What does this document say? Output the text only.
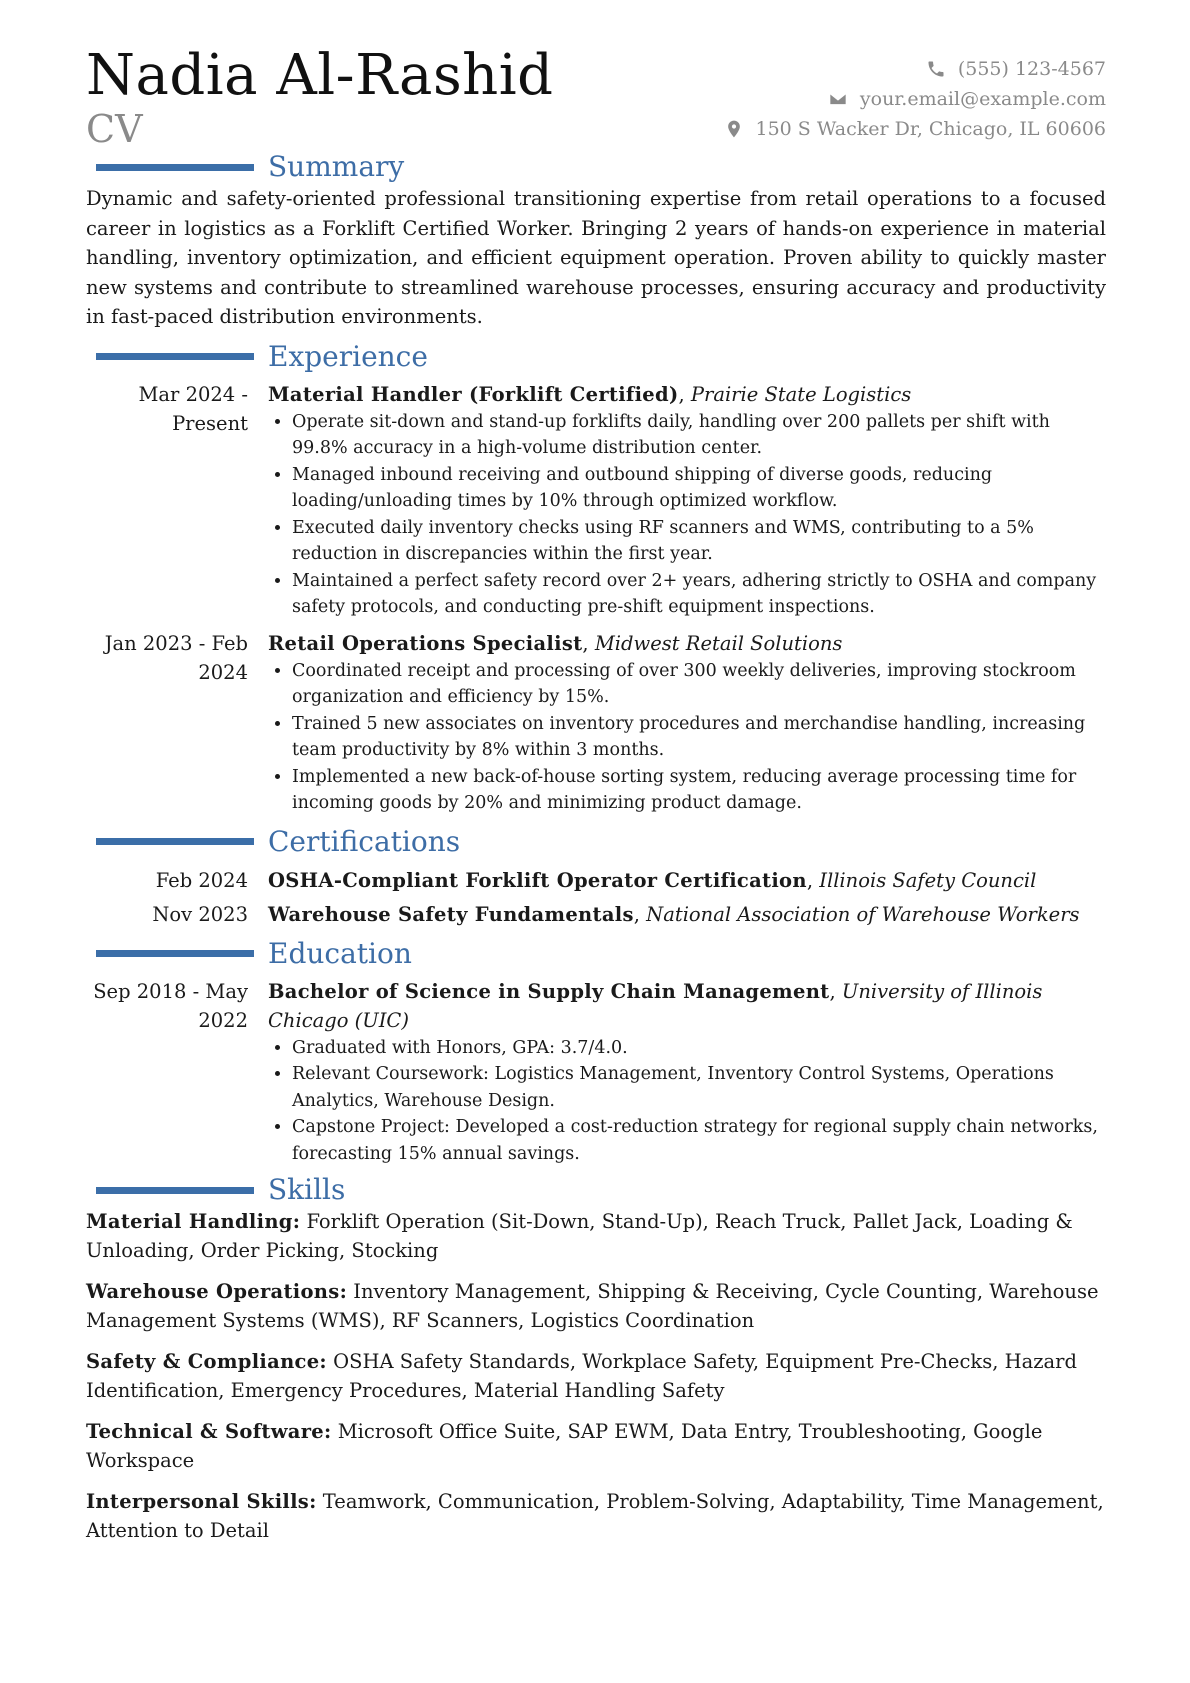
Nadia Al-Rashid
CV
(555) 123-4567
your.email@example.com
150 S Wacker Dr, Chicago, IL 60606
Summary

Dynamic and safety-oriented professional transitioning expertise from retail operations to a focused career in logistics as a Forklift Certified Worker. Bringing 2 years of hands-on experience in material handling, inventory optimization, and efficient equipment operation. Proven ability to quickly master new systems and contribute to streamlined warehouse processes, ensuring accuracy and productivity in fast-paced distribution environments.

Experience
Mar 2024 - Present
Material Handler (Forklift Certified), Prairie State Logistics
• Operate sit-down and stand-up forklifts daily, handling over 200 pallets per shift with 99.8% accuracy in a high-volume distribution center.
• Managed inbound receiving and outbound shipping of diverse goods, reducing loading/unloading times by 10% through optimized workflow.
• Executed daily inventory checks using RF scanners and WMS, contributing to a 5% reduction in discrepancies within the first year.
• Maintained a perfect safety record over 2+ years, adhering strictly to OSHA and company safety protocols, and conducting pre-shift equipment inspections.
Jan 2023 - Feb 2024
Retail Operations Specialist, Midwest Retail Solutions
• Coordinated receipt and processing of over 300 weekly deliveries, improving stockroom organization and efficiency by 15%.
• Trained 5 new associates on inventory procedures and merchandise handling, increasing team productivity by 8% within 3 months.
• Implemented a new back-of-house sorting system, reducing average processing time for incoming goods by 20% and minimizing product damage.
Certifications
Feb 2024	OSHA-Compliant Forklift Operator Certification, Illinois Safety Council
Nov 2023	Warehouse Safety Fundamentals, National Association of Warehouse Workers
Education
Sep 2018 - May 2022
Bachelor of Science in Supply Chain Management, University of Illinois Chicago (UIC)
• Graduated with Honors, GPA: 3.7/4.0.
• Relevant Coursework: Logistics Management, Inventory Control Systems, Operations Analytics, Warehouse Design.
• Capstone Project: Developed a cost-reduction strategy for regional supply chain networks, forecasting 15% annual savings.
Skills
Material Handling: Forklift Operation (Sit-Down, Stand-Up), Reach Truck, Pallet Jack, Loading & Unloading, Order Picking, Stocking
Warehouse Operations: Inventory Management, Shipping & Receiving, Cycle Counting, Warehouse Management Systems (WMS), RF Scanners, Logistics Coordination
Safety & Compliance: OSHA Safety Standards, Workplace Safety, Equipment Pre-Checks, Hazard Identification, Emergency Procedures, Material Handling Safety
Technical & Software: Microsoft Office Suite, SAP EWM, Data Entry, Troubleshooting, Google Workspace
Interpersonal Skills: Teamwork, Communication, Problem-Solving, Adaptability, Time Management, Attention to Detail
